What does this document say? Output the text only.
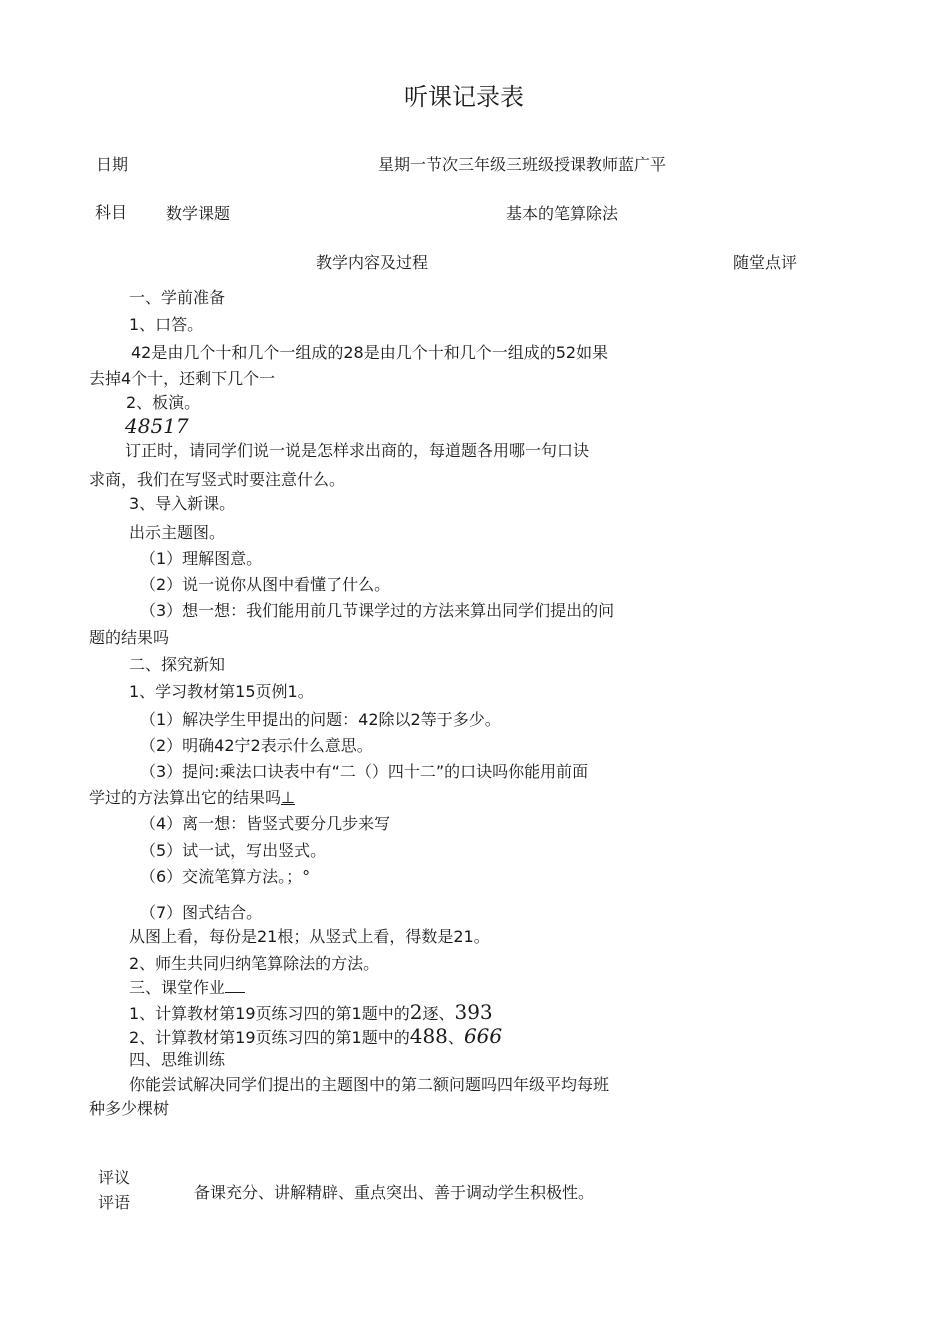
听课记录表
日期	星期一节次三年级三班级授课教师蓝广平
科目 数学课题	基本的笔算除法
教学内容及过程	随堂点评
一、学前准备
1、口答。
42是由几个十和几个一组成的28是由几个十和几个一组成的52如果
去掉4个十，还剩下几个一
2、板演。
48517
订正时，请同学们说一说是怎样求出商的，每道题各用哪一句口诀
求商，我们在写竖式时要注意什么。
3、导入新课。
出示主题图。
（1）理解图意。
（2）说一说你从图中看懂了什么。
（3）想一想：我们能用前几节课学过的方法来算出同学们提出的问
题的结果吗
二、探究新知
1、学习教材第15页例1。
（1）解决学生甲提出的问题：42除以2等于多少。
（2）明确42宁2表示什么意思。
（3）提问:乘法口诀表中有“二（）四十二”的口诀吗你能用前面
学过的方法算出它的结果吗⊥
（4）离一想：皆竖式要分几步来写
（5）试一试，写出竖式。
（6）交流笔算方法。；°
（7）图式结合。
从图上看，每份是21根；从竖式上看，得数是21。
2、师生共同归纳笔算除法的方法。
三、课堂作业
1、计算教材第19页练习四的第1题中的2逐、393
2、计算教材第19页练习四的第1题中的488、666
四、思维训练
你能尝试解决同学们提出的主题图中的第二额问题吗四年级平均每班
种多少棵树
评议
评语
备课充分、讲解精辟、重点突出、善于调动学生积极性。
